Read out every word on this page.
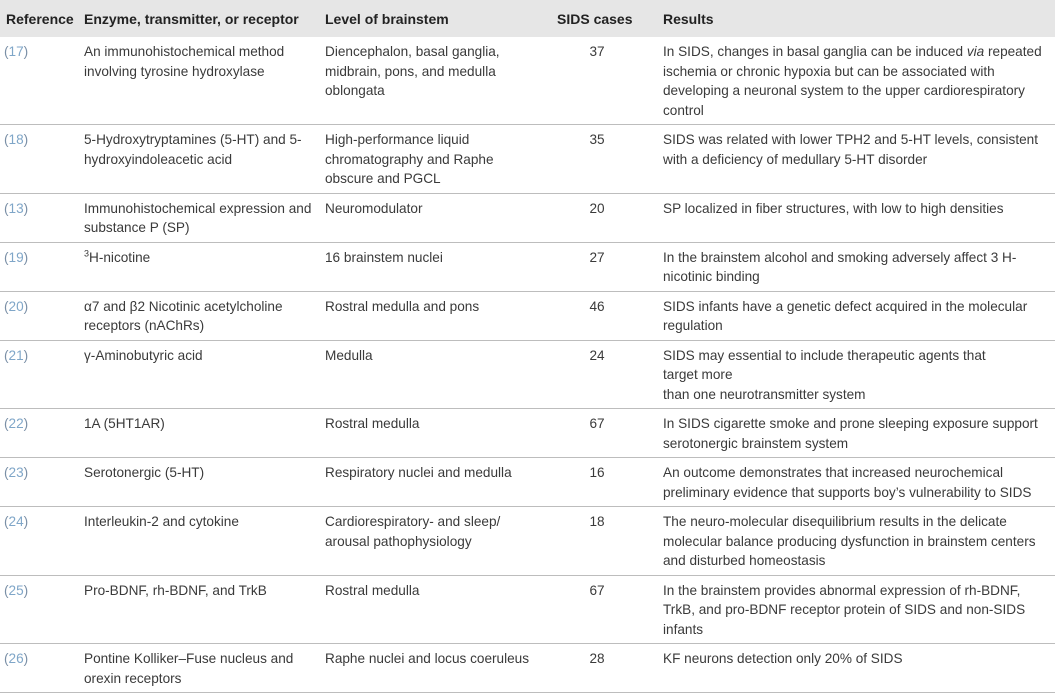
Reference	Enzyme, transmitter, or receptor	Level of brainstem	SIDS cases	Results
(17)	An immunohistochemical method involving tyrosine hydroxylase	Diencephalon, basal ganglia, midbrain, pons, and medulla oblongata	37	In SIDS, changes in basal ganglia can be induced via repeated ischemia or chronic hypoxia but can be associated with developing a neuronal system to the upper cardiorespiratory control
(18)	5-Hydroxytryptamines (5-HT) and 5-hydroxyindoleacetic acid	High-performance liquid chromatography and Raphe obscure and PGCL	35	SIDS was related with lower TPH2 and 5-HT levels, consistent with a deficiency of medullary 5-HT disorder
(13)	Immunohistochemical expression and substance P (SP)	Neuromodulator	20	SP localized in fiber structures, with low to high densities
(19)	$^3$H-nicotine	16 brainstem nuclei	27	In the brainstem alcohol and smoking adversely affect 3 H-nicotinic binding
(20)	α7 and β2 Nicotinic acetylcholine receptors (nAChRs)	Rostral medulla and pons	46	SIDS infants have a genetic defect acquired in the molecular regulation
(21)	γ-Aminobutyric acid	Medulla	24	SIDS may essential to include therapeutic agents that
target more
than one neurotransmitter system

(22)	1A (5HT1AR)	Rostral medulla	67	In SIDS cigarette smoke and prone sleeping exposure support serotonergic brainstem system
(23)	Serotonergic (5-HT)	Respiratory nuclei and medulla	16	An outcome demonstrates that increased neurochemical preliminary evidence that supports boy’s vulnerability to SIDS
(24)	Interleukin-2 and cytokine	Cardiorespiratory- and sleep/ arousal pathophysiology	18	The neuro-molecular disequilibrium results in the delicate molecular balance producing dysfunction in brainstem centers and disturbed homeostasis
(25)	Pro-BDNF, rh-BDNF, and TrkB	Rostral medulla	67	In the brainstem provides abnormal expression of rh-BDNF, TrkB, and pro-BDNF receptor protein of SIDS and non-SIDS infants
(26)	Pontine Kolliker–Fuse nucleus and orexin receptors	Raphe nuclei and locus coeruleus	28	KF neurons detection only 20% of SIDS
